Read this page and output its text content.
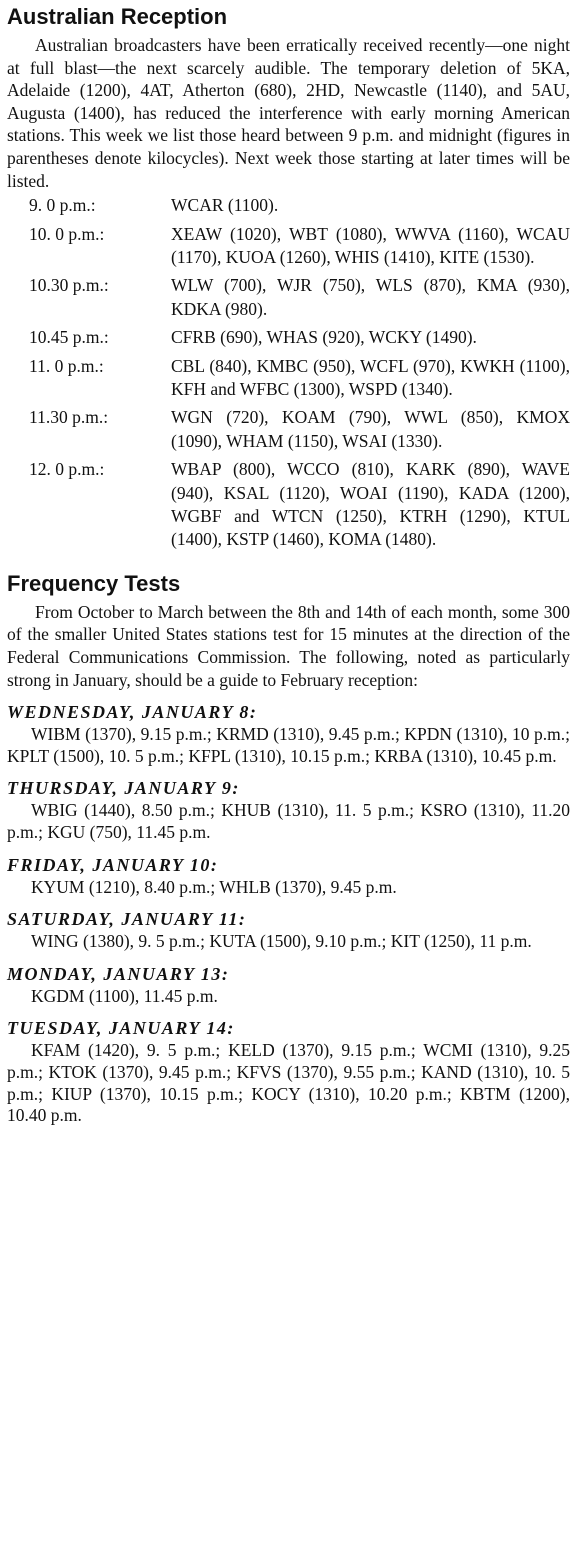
Australian Reception

Australian broadcasters have been erratically received recently—one night at full blast—the next scarcely audible. The temporary deletion of 5KA, Adelaide (1200), 4AT, Atherton (680), 2HD, Newcastle (1140), and 5AU, Augusta (1400), has reduced the interference with early morning American stations. This week we list those heard between 9 p.m. and midnight (figures in parentheses denote kilocycles). Next week those starting at later times will be listed.

9. 0 p.m.:	WCAR (1100).
10. 0 p.m.:	XEAW (1020), WBT (1080), WWVA (1160), WCAU (1170), KUOA (1260), WHIS (1410), KITE (1530).
10.30 p.m.:	WLW (700), WJR (750), WLS (870), KMA (930), KDKA (980).
10.45 p.m.:	CFRB (690), WHAS (920), WCKY (1490).
11. 0 p.m.:	CBL (840), KMBC (950), WCFL (970), KWKH (1100), KFH and WFBC (1300), WSPD (1340).
11.30 p.m.:	WGN (720), KOAM (790), WWL (850), KMOX (1090), WHAM (1150), WSAI (1330).
12. 0 p.m.:	WBAP (800), WCCO (810), KARK (890), WAVE (940), KSAL (1120), WOAI (1190), KADA (1200), WGBF and WTCN (1250), KTRH (1290), KTUL (1400), KSTP (1460), KOMA (1480).
Frequency Tests

From October to March between the 8th and 14th of each month, some 300 of the smaller United States stations test for 15 minutes at the direction of the Federal Communications Commission. The following, noted as particularly strong in January, should be a guide to February reception:

WEDNESDAY, JANUARY 8:

WIBM (1370), 9.15 p.m.; KRMD (1310), 9.45 p.m.; KPDN (1310), 10 p.m.; KPLT (1500), 10. 5 p.m.; KFPL (1310), 10.15 p.m.; KRBA (1310), 10.45 p.m.

THURSDAY, JANUARY 9:

WBIG (1440), 8.50 p.m.; KHUB (1310), 11. 5 p.m.; KSRO (1310), 11.20 p.m.; KGU (750), 11.45 p.m.

FRIDAY, JANUARY 10:

KYUM (1210), 8.40 p.m.; WHLB (1370), 9.45 p.m.

SATURDAY, JANUARY 11:

WING (1380), 9. 5 p.m.; KUTA (1500), 9.10 p.m.; KIT (1250), 11 p.m.

MONDAY, JANUARY 13:

KGDM (1100), 11.45 p.m.

TUESDAY, JANUARY 14:

KFAM (1420), 9. 5 p.m.; KELD (1370), 9.15 p.m.; WCMI (1310), 9.25 p.m.; KTOK (1370), 9.45 p.m.; KFVS (1370), 9.55 p.m.; KAND (1310), 10. 5 p.m.; KIUP (1370), 10.15 p.m.; KOCY (1310), 10.20 p.m.; KBTM (1200), 10.40 p.m.
